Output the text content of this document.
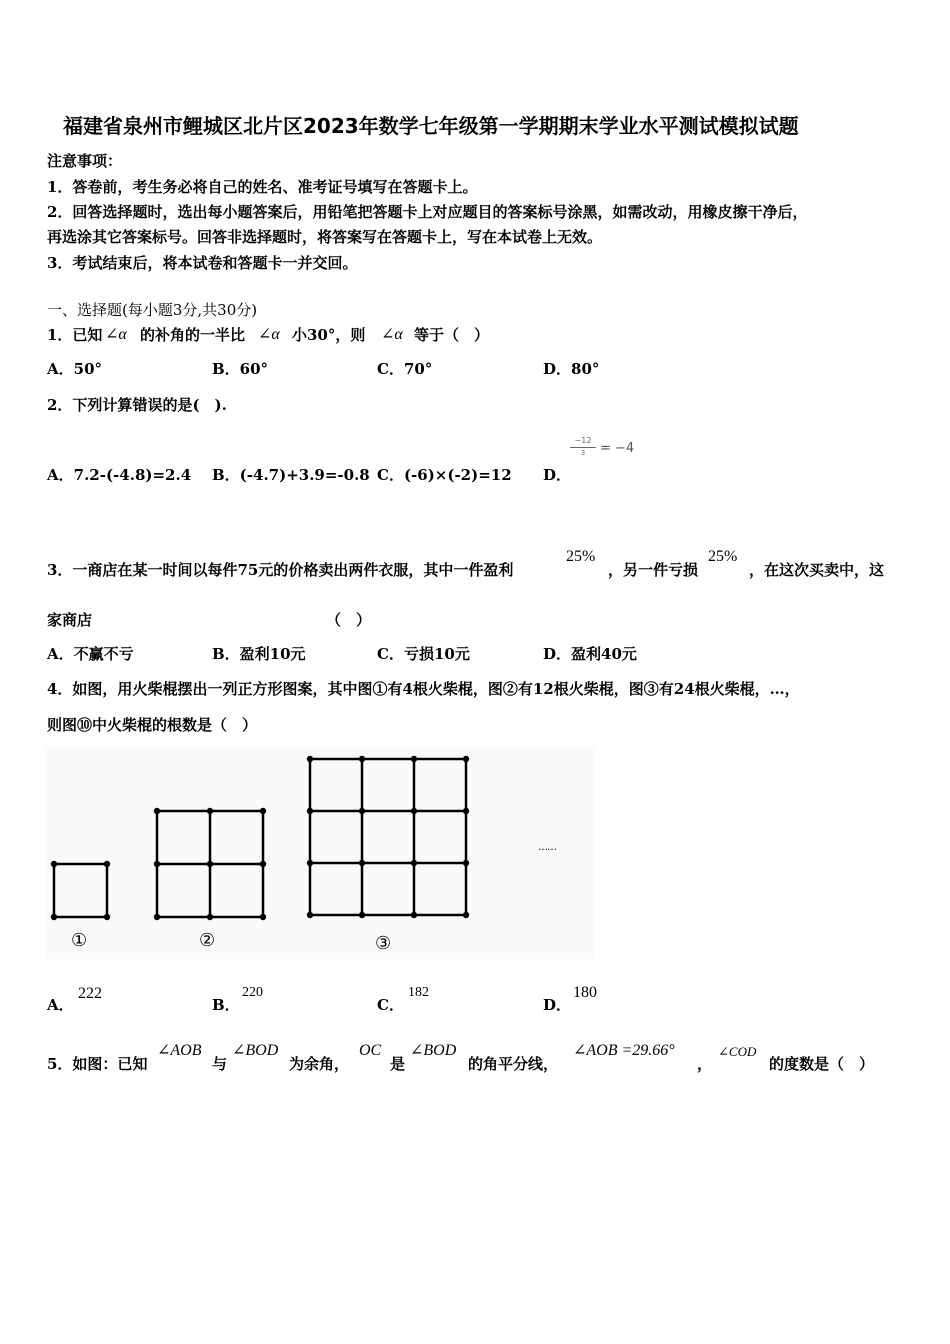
福建省泉州市鲤城区北片区2023年数学七年级第一学期期末学业水平测试模拟试题
注意事项：
1．答卷前，考生务必将自己的姓名、准考证号填写在答题卡上。
2．回答选择题时，选出每小题答案后，用铅笔把答题卡上对应题目的答案标号涂黑，如需改动，用橡皮擦干净后，
再选涂其它答案标号。回答非选择题时，将答案写在答题卡上，写在本试卷上无效。
3．考试结束后，将本试卷和答题卡一并交回。
一、选择题(每小题3分,共30分)
1．已知 ∠α 的补角的一半比 ∠α 小30°，则 ∠α 等于（　）
A．50°	B．60°	C．70°	D．80°
2．下列计算错误的是(　).
A．7.2-(-4.8)=2.4 B．(-4.7)+3.9=-0.8 C．(-6)×(-2)=12 D．
−12
3	= −4
3．一商店在某一时间以每件75元的价格卖出两件衣服，其中一件盈利
25%
，另一件亏损
25%
，在这次买卖中，这
家商店	（　）
A．不赢不亏	B．盈利10元	C．亏损10元	D．盈利40元
4．如图，用火柴棍摆出一列正方形图案，其中图①有4根火柴棍，图②有12根火柴棍，图③有24根火柴棍，…，
则图⑩中火柴棍的根数是（　）
①	②	③
……
A．
222
B．
220
C．
182
D．
180
5．如图：已知
∠AOB
与
∠BOD
为余角，
OC
是
∠BOD
的角平分线，
∠AOB =29.66°
，
∠COD
的度数是（　）
